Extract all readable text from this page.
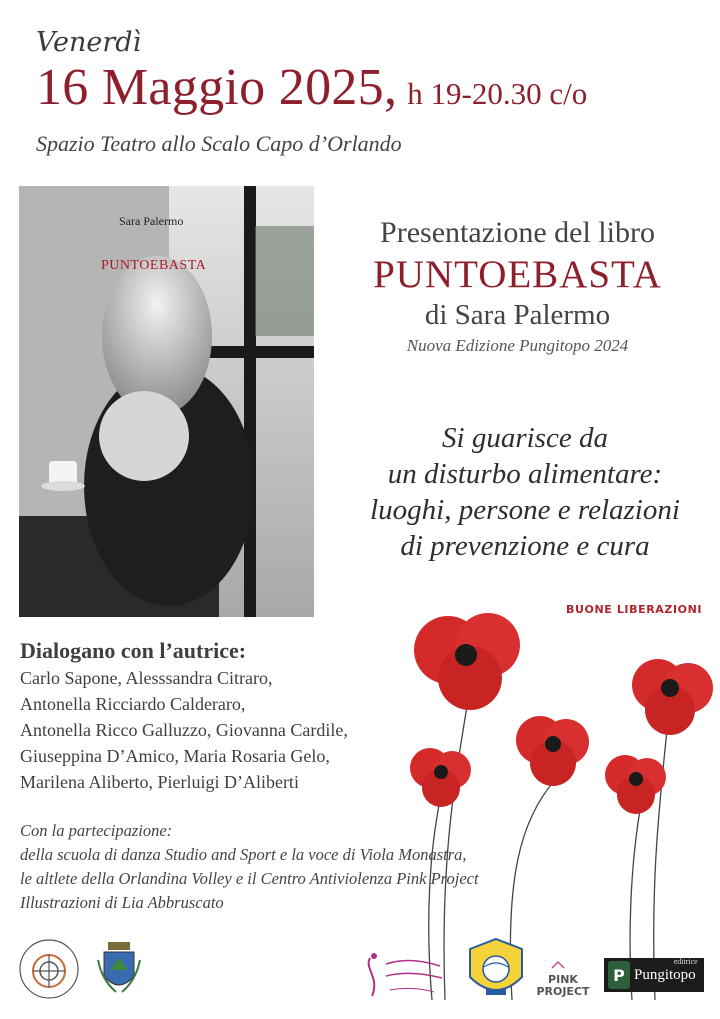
Venerdì
16 Maggio 2025, h 19-20.30 c/o
Spazio Teatro allo Scalo Capo d’Orlando
Sara Palermo
PUNTOEBASTA
Presentazione del libro
PUNTOEBASTA
di Sara Palermo
Nuova Edizione Pungitopo 2024
Si guarisce da
un disturbo alimentare:
luoghi, persone e relazioni
di prevenzione e cura
BUONE LIBERAZIONI
Dialogano con l’autrice:
Carlo Sapone, Alesssandra Citraro,
Antonella Ricciardo Calderaro,
Antonella Ricco Galluzzo, Giovanna Cardile,
Giuseppina D’Amico, Maria Rosaria Gelo,
Marilena Aliberto, Pierluigi D’Aliberti
Con la partecipazione:
della scuola di danza Studio and Sport e la voce di Viola Monastra,
le altlete della Orlandina Volley e il Centro Antiviolenza Pink Project
Illustrazioni di Lia Abbruscato
PINK
PROJECT
P Pungitopo
editrice
